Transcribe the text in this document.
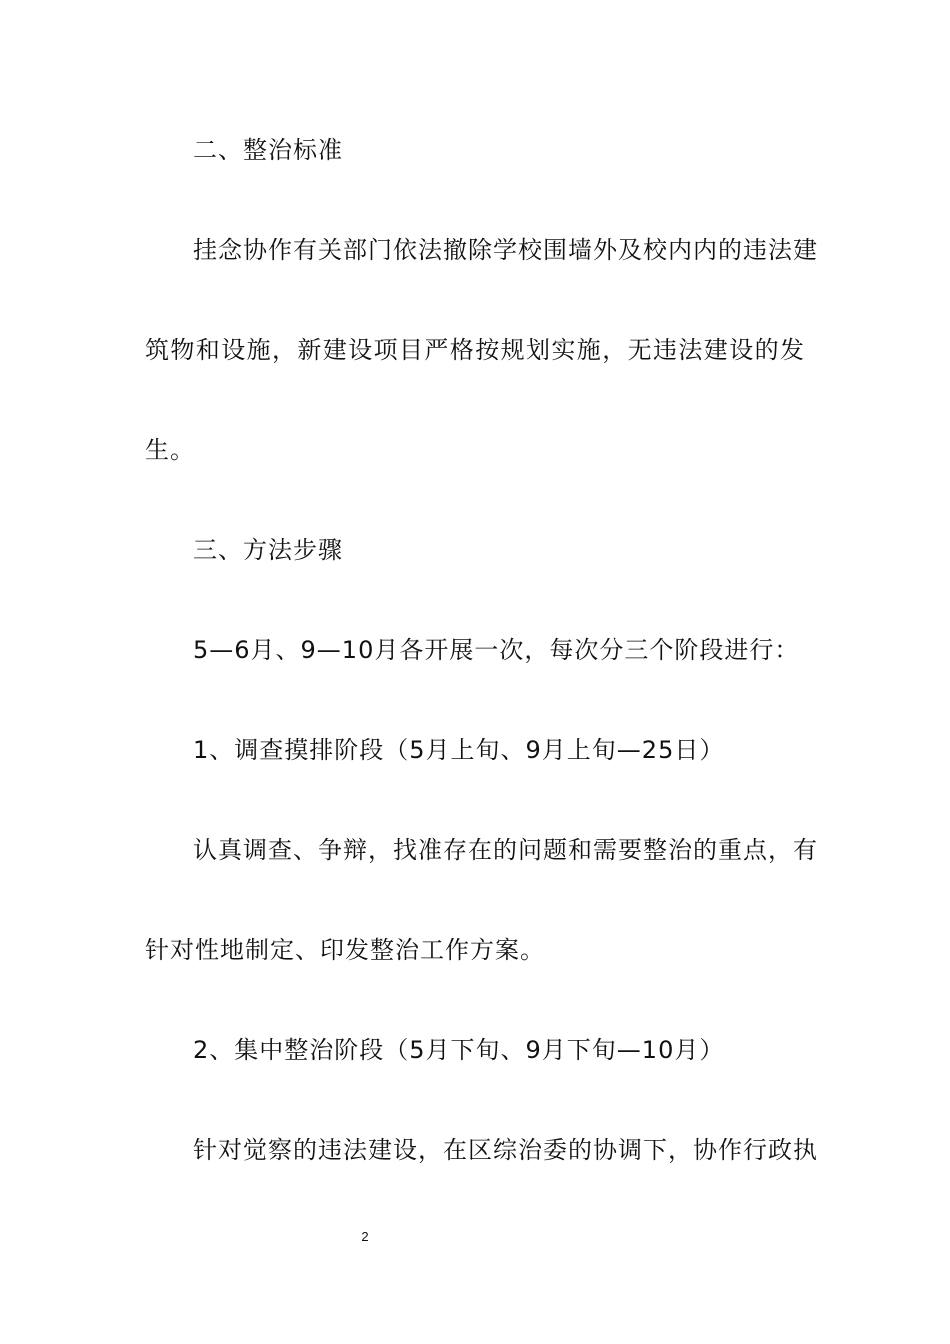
二、整治标准
挂念协作有关部门依法撤除学校围墙外及校内内的违法建
筑物和设施，新建设项目严格按规划实施，无违法建设的发
生。
三、方法步骤
5—6月、9—10月各开展一次，每次分三个阶段进行：
1、调查摸排阶段（5月上旬、9月上旬—25日）
认真调查、争辩，找准存在的问题和需要整治的重点，有
针对性地制定、印发整治工作方案。
2、集中整治阶段（5月下旬、9月下旬—10月）
针对觉察的违法建设，在区综治委的协调下，协作行政执
2
